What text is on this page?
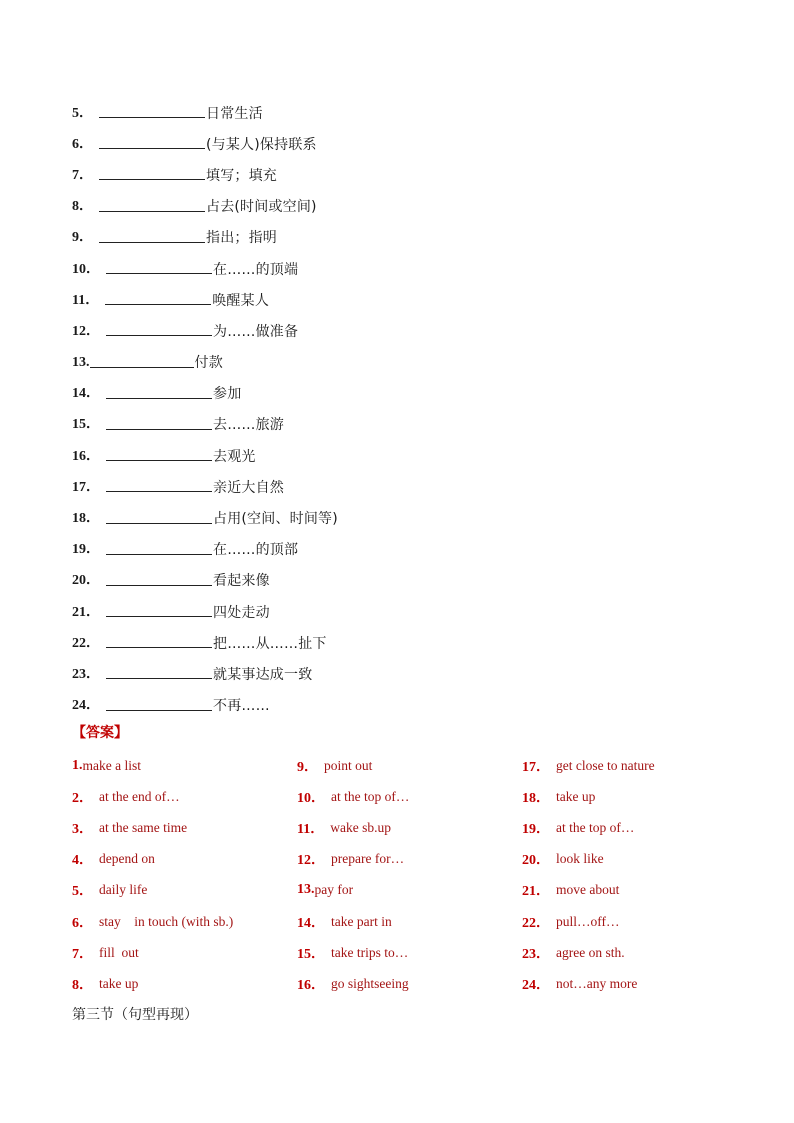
5．	日常生活
6．	(与某人)保持联系
7．	填写；填充
8．	占去(时间或空间)
9．	指出；指明
10．	在……的顶端
11．	唤醒某人
12．	为……做准备
13.	付款
14．	参加
15．	去……旅游
16．	去观光
17．	亲近大自然
18．	占用(空间、时间等)
19．	在……的顶部
20．	看起来像
21．	四处走动
22．	把……从……扯下
23．	就某事达成一致
24．	不再……
【答案】
1. make a list
2． at the end of…
3． at the same time
4． depend on
5． daily life
6． stay    in touch (with sb.)
7． fill  out
8． take up
9． point out
10． at the top of…
11． wake sb.up
12． prepare for…
13. pay for
14． take part in
15． take trips to…
16． go sightseeing
17． get close to nature
18． take up
19． at the top of…
20． look like
21． move about
22． pull…off…
23． agree on sth.
24． not…any more
第三节（句型再现）
